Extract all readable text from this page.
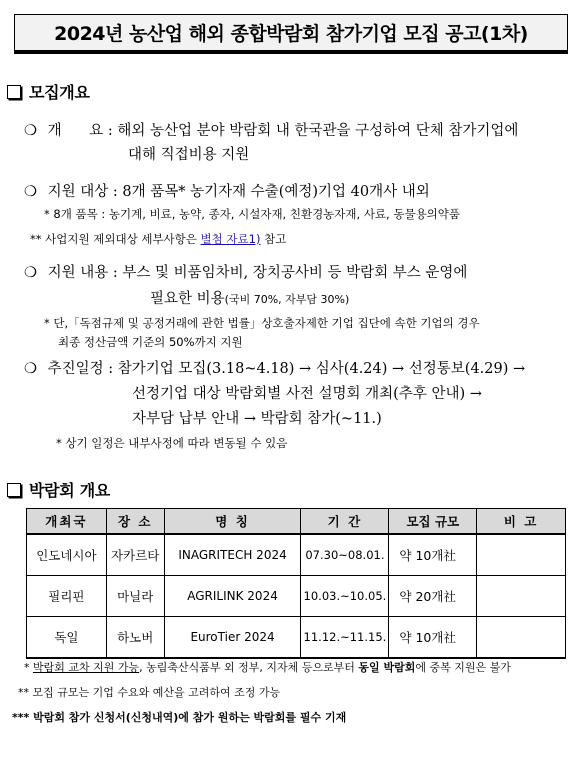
2024년 농산업 해외 종합박람회 참가기업 모집 공고(1차)
모집개요
❍ 개      요 : 해외 농산업 분야 박람회 내 한국관을 구성하여 단체 참가기업에
대해 직접비용 지원
❍ 지원 대상 : 8개 품목* 농기자재 수출(예정)기업 40개사 내외
* 8개 품목 : 농기계, 비료, 농약, 종자, 시설자재, 친환경농자재, 사료, 동물용의약품
** 사업지원 제외대상 세부사항은 별첨 자료1) 참고
❍ 지원 내용 : 부스 및 비품임차비, 장치공사비 등 박람회 부스 운영에
필요한 비용(국비 70%, 자부담 30%)
* 단,「독점규제 및 공정거래에 관한 법률」상호출자제한 기업 집단에 속한 기업의 경우
최종 정산금액 기준의 50%까지 지원
❍ 추진일정 : 참가기업 모집(3.18~4.18) → 심사(4.24) → 선정통보(4.29) →
선정기업 대상 박람회별 사전 설명회 개최(추후 안내) →
자부담 납부 안내 → 박람회 참가(~11.)
* 상기 일정은 내부사정에 따라 변동될 수 있음
박람회 개요
개최국	장 소	명 칭	기 간	모집 규모	비 고
인도네시아	자카르타	INAGRITECH 2024	07.30~08.01.	약 10개社	
필리핀	마닐라	AGRILINK 2024	10.03.~10.05.	약 20개社	
독일	하노버	EuroTier 2024	11.12.~11.15.	약 10개社	
* 박람회 교차 지원 가능, 농림축산식품부 외 정부, 지자체 등으로부터 동일 박람회에 중복 지원은 불가
** 모집 규모는 기업 수요와 예산을 고려하여 조정 가능
*** 박람회 참가 신청서(신청내역)에 참가 원하는 박람회를 필수 기재
